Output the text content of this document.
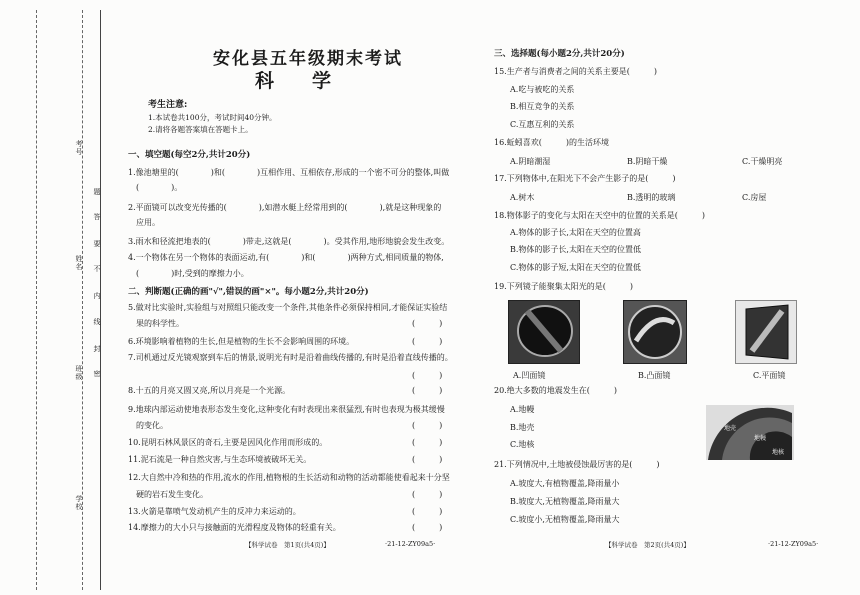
考号
姓名
班级
学校
密
封
线
内
不
要
答
题
安化县五年级期末考试
科　　学
考生注意:
1.本试卷共100分，考试时间40分钟。
2.请将各题答案填在答题卡上。
一、填空题(每空2分,共计20分)
1.像池塘里的(　　　　)和(　　　　)互相作用、互相依存,形成的一个密不可分的整体,叫做
(　　　　)。
2.平面镜可以改变光传播的(　　　　),如潜水艇上经常用到的(　　　　),就是这种现象的
应用。
3.雨水和径流把地表的(　　　　)带走,这就是(　　　　)。受其作用,地形地貌会发生改变。
4.一个物体在另一个物体的表面运动,有(　　　　)和(　　　　)两种方式,相同质量的物体,
(　　　　)时,受到的摩擦力小。
二、判断题(正确的画"√",错误的画"×"。每小题2分,共计20分)
5.做对比实验时,实验组与对照组只能改变一个条件,其他条件必须保持相同,才能保证实验结
果的科学性。	(　　　)
6.环境影响着植物的生长,但是植物的生长不会影响周围的环境。	(　　　)
7.司机通过反光镜观察到车后的情景,说明光有时是沿着曲线传播的,有时是沿着直线传播的。
(　　　)
8.十五的月亮又圆又亮,所以月亮是一个光源。	(　　　)
9.地球内部运动使地表形态发生变化,这种变化有时表现出来很猛烈,有时也表现为极其缓慢
的变化。	(　　　)
10.昆明石林风景区的奇石,主要是因风化作用而形成的。	(　　　)
11.泥石流是一种自然灾害,与生态环境被破坏无关。	(　　　)
12.大自然中冷和热的作用,流水的作用,植物根的生长活动和动物的活动都能使看起来十分坚
硬的岩石发生变化。	(　　　)
13.火箭是靠喷气发动机产生的反冲力来运动的。	(　　　)
14.摩擦力的大小只与接触面的光滑程度及物体的轻重有关。	(　　　)
【科学试卷　第1页(共4页)】	·21-12-ZY09a5·
三、选择题(每小题2分,共计20分)
15.生产者与消费者之间的关系主要是(　　　)
A.吃与被吃的关系
B.相互竞争的关系
C.互惠互利的关系
16.蚯蚓喜欢(　　　)的生活环境
A.阴暗潮湿	B.阴暗干燥	C.干燥明亮
17.下列物体中,在阳光下不会产生影子的是(　　　)
A.树木	B.透明的玻璃	C.房屋
18.物体影子的变化与太阳在天空中的位置的关系是(　　　)
A.物体的影子长,太阳在天空的位置高
B.物体的影子长,太阳在天空的位置低
C.物体的影子短,太阳在天空的位置低
19.下列镜子能聚集太阳光的是(　　　)
A.凹面镜	B.凸面镜	C.平面镜
20.绝大多数的地震发生在(　　　)
A.地幔
B.地壳
C.地核
地壳
地幔
地核
21.下列情况中,土地被侵蚀最厉害的是(　　　)
A.坡度大,有植物覆盖,降雨量小
B.坡度大,无植物覆盖,降雨量大
C.坡度小,无植物覆盖,降雨量大
【科学试卷　第2页(共4页)】	·21-12-ZY09a5·
